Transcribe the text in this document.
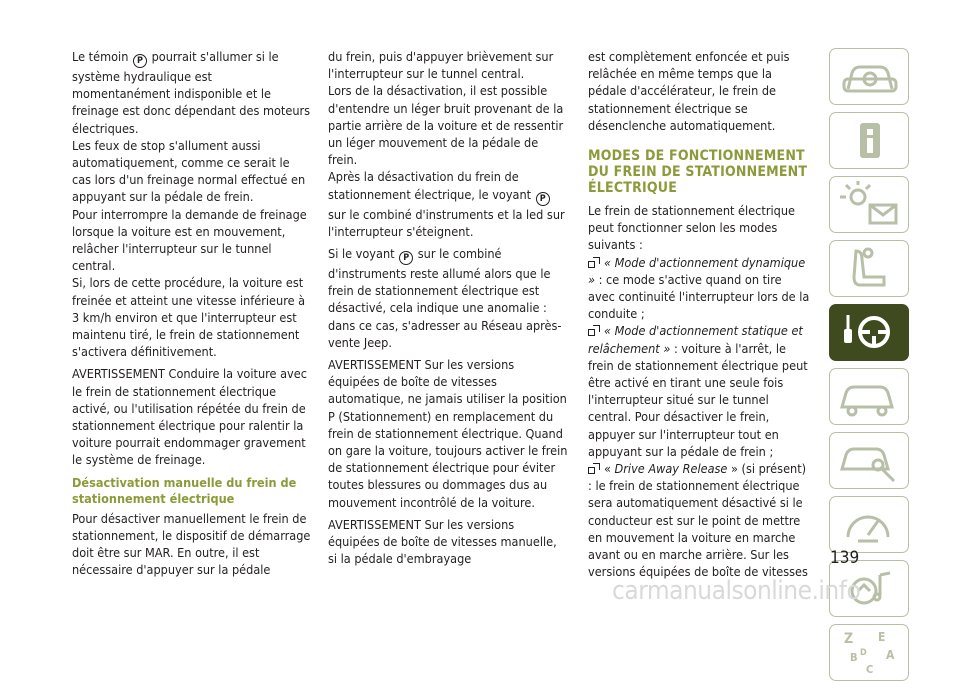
Le témoin P pourrait s'allumer si le système hydraulique est momentanément indisponible et le freinage est donc dépendant des moteurs électriques.

Les feux de stop s'allument aussi automatiquement, comme ce serait le cas lors d'un freinage normal effectué en appuyant sur la pédale de frein.

Pour interrompre la demande de freinage lorsque la voiture est en mouvement, relâcher l'interrupteur sur le tunnel central.

Si, lors de cette procédure, la voiture est freinée et atteint une vitesse inférieure à 3 km/h environ et que l'interrupteur est maintenu tiré, le frein de stationnement s'activera définitivement.

AVERTISSEMENT Conduire la voiture avec le frein de stationnement électrique activé, ou l'utilisation répétée du frein de stationnement électrique pour ralentir la voiture pourrait endommager gravement le système de freinage.

Désactivation manuelle du frein de stationnement électrique

Pour désactiver manuellement le frein de stationnement, le dispositif de démarrage doit être sur MAR. En outre, il est nécessaire d'appuyer sur la pédale

du frein, puis d'appuyer brièvement sur l'interrupteur sur le tunnel central.

Lors de la désactivation, il est possible d'entendre un léger bruit provenant de la partie arrière de la voiture et de ressentir un léger mouvement de la pédale de frein.

Après la désactivation du frein de stationnement électrique, le voyant P sur le combiné d'instruments et la led sur l'interrupteur s'éteignent.

Si le voyant P sur le combiné d'instruments reste allumé alors que le frein de stationnement électrique est désactivé, cela indique une anomalie : dans ce cas, s'adresser au Réseau après-vente Jeep.

AVERTISSEMENT Sur les versions équipées de boîte de vitesses automatique, ne jamais utiliser la position P (Stationnement) en remplacement du frein de stationnement électrique. Quand on gare la voiture, toujours activer le frein de stationnement électrique pour éviter toutes blessures ou dommages dus au mouvement incontrôlé de la voiture.

AVERTISSEMENT Sur les versions équipées de boîte de vitesses manuelle, si la pédale d'embrayage

est complètement enfoncée et puis relâchée en même temps que la pédale d'accélérateur, le frein de stationnement électrique se désenclenche automatiquement.

MODES DE FONCTIONNEMENT DU FREIN DE STATIONNEMENT ÉLECTRIQUE

Le frein de stationnement électrique peut fonctionner selon les modes suivants :

« Mode d'actionnement dynamique » : ce mode s'active quand on tire avec continuité l'interrupteur lors de la conduite ;
« Mode d'actionnement statique et relâchement » : voiture à l'arrêt, le frein de stationnement électrique peut être activé en tirant une seule fois l'interrupteur situé sur le tunnel central. Pour désactiver le frein, appuyer sur l'interrupteur tout en appuyant sur la pédale de frein ;
« Drive Away Release » (si présent) : le frein de stationnement électrique sera automatiquement désactivé si le conducteur est sur le point de mettre en mouvement la voiture en marche avant ou en marche arrière. Sur les versions équipées de boîte de vitesses
Z E
A
B
C
D
139
carmanualsonline.info
